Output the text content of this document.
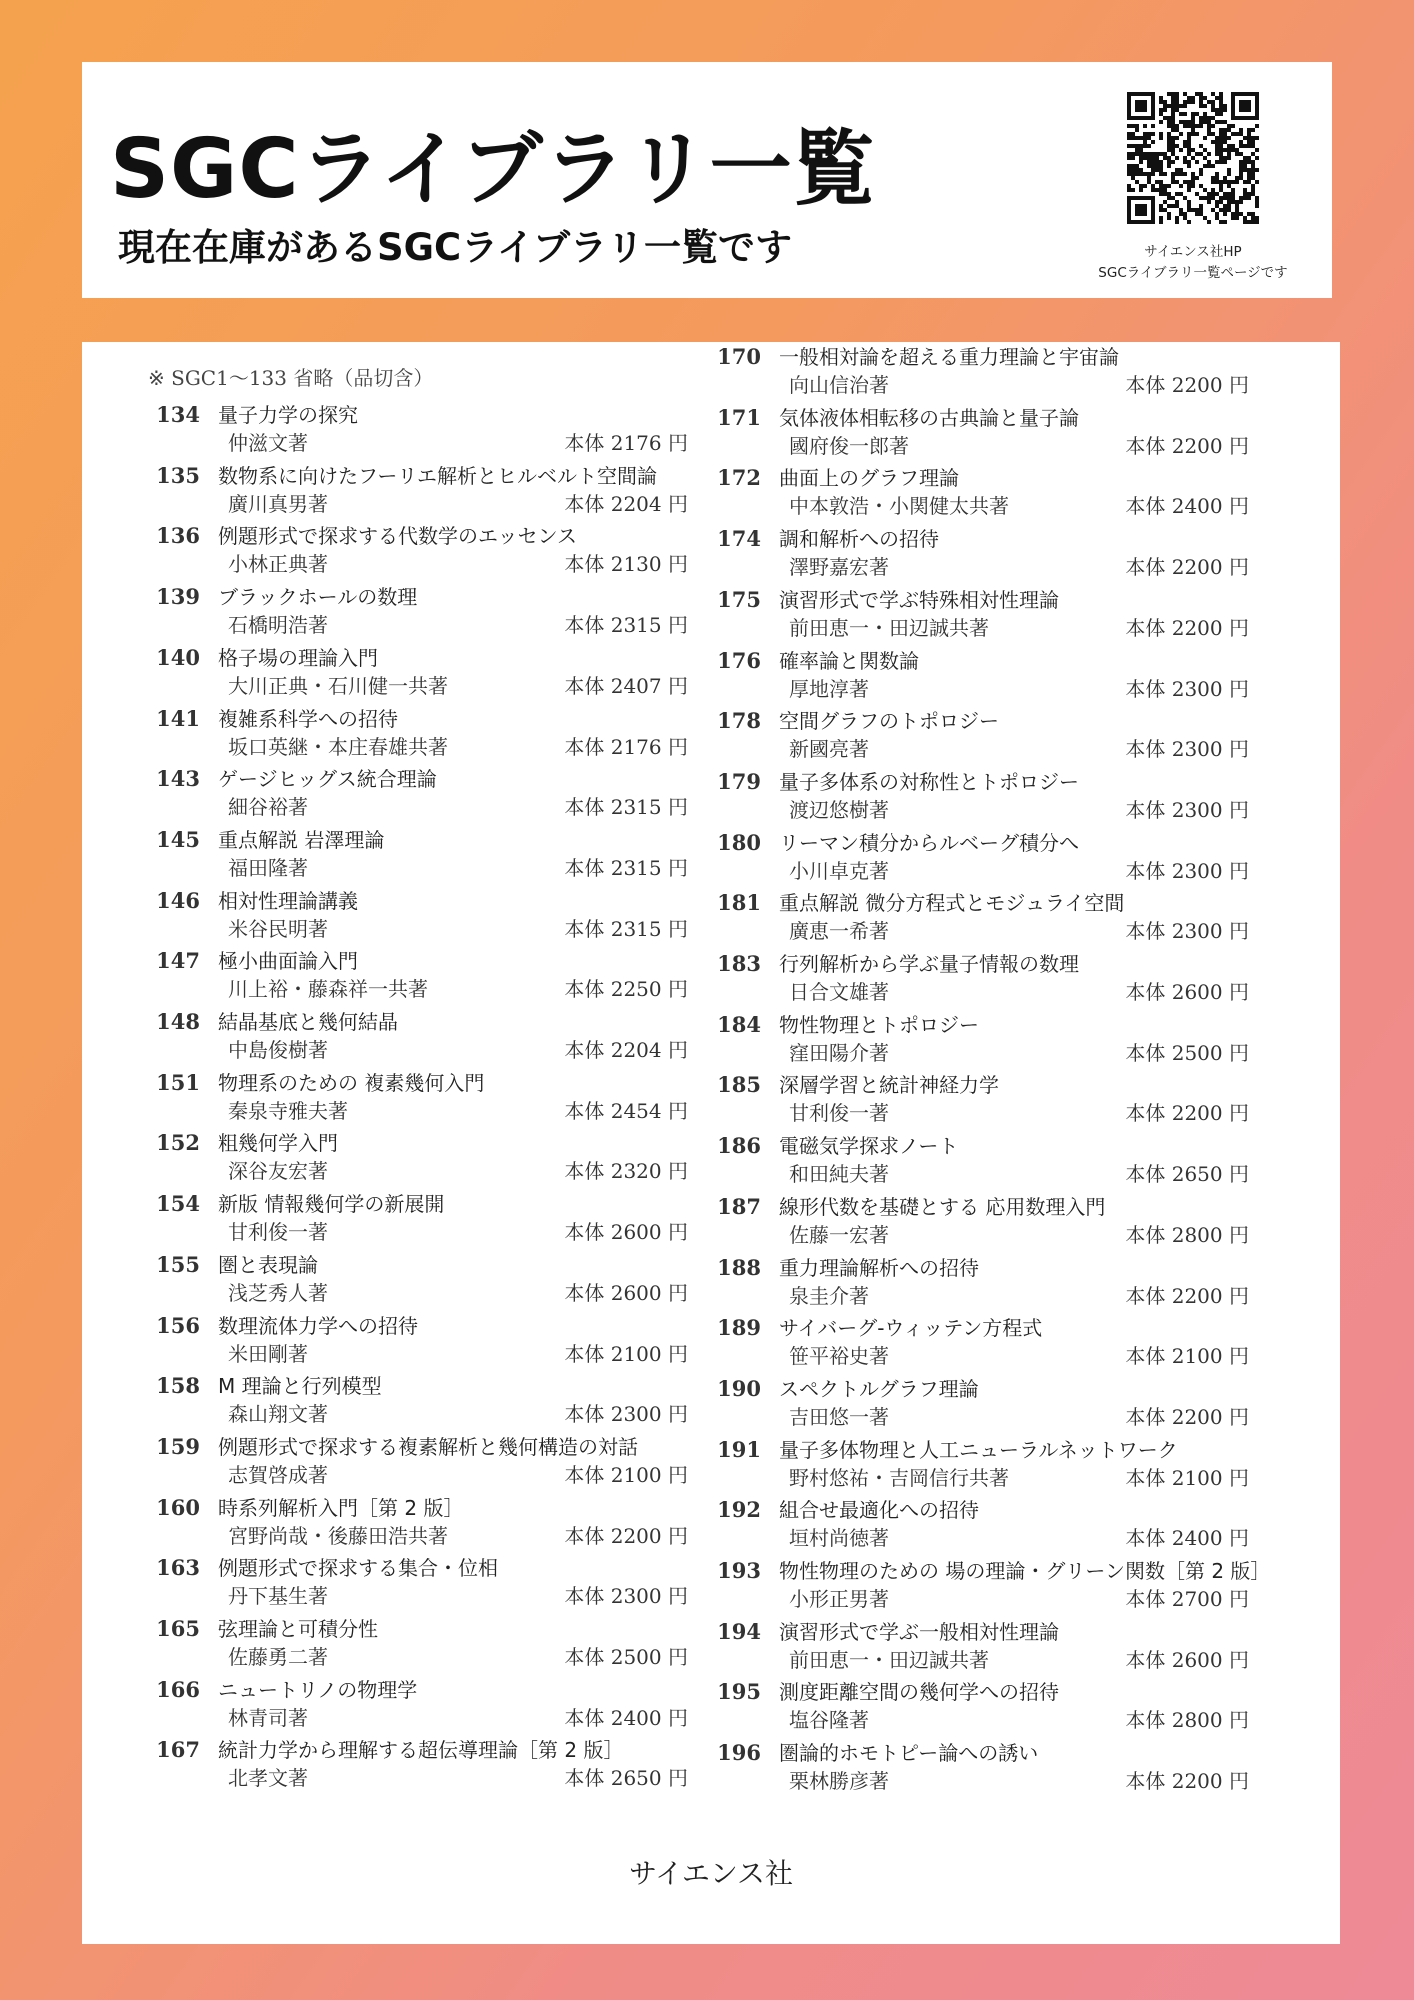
SGCライブラリ一覧

現在在庫があるSGCライブラリ一覧です	サイエンス社HP
SGCライブラリ一覧ページです
※ SGC1～133 省略（品切含）
サイエンス社
134 量子力学の探究
仲滋文著	本体 2176 円
135 数物系に向けたフーリエ解析とヒルベルト空間論
廣川真男著	本体 2204 円
136 例題形式で探求する代数学のエッセンス
小林正典著	本体 2130 円
139 ブラックホールの数理
石橋明浩著	本体 2315 円
140 格子場の理論入門
大川正典・石川健一共著	本体 2407 円
141 複雑系科学への招待
坂口英継・本庄春雄共著	本体 2176 円
143 ゲージヒッグス統合理論
細谷裕著	本体 2315 円
145 重点解説 岩澤理論
福田隆著	本体 2315 円
146 相対性理論講義
米谷民明著	本体 2315 円
147 極小曲面論入門
川上裕・藤森祥一共著	本体 2250 円
148 結晶基底と幾何結晶
中島俊樹著	本体 2204 円
151 物理系のための 複素幾何入門
秦泉寺雅夫著	本体 2454 円
152 粗幾何学入門
深谷友宏著	本体 2320 円
154 新版 情報幾何学の新展開
甘利俊一著	本体 2600 円
155 圏と表現論
浅芝秀人著	本体 2600 円
156 数理流体力学への招待
米田剛著	本体 2100 円
158 M 理論と行列模型
森山翔文著	本体 2300 円
159 例題形式で探求する複素解析と幾何構造の対話
志賀啓成著	本体 2100 円
160 時系列解析入門［第 2 版］
宮野尚哉・後藤田浩共著	本体 2200 円
163 例題形式で探求する集合・位相
丹下基生著	本体 2300 円
165 弦理論と可積分性
佐藤勇二著	本体 2500 円
166 ニュートリノの物理学
林青司著	本体 2400 円
167 統計力学から理解する超伝導理論［第 2 版］
北孝文著	本体 2650 円
170 一般相対論を超える重力理論と宇宙論
向山信治著	本体 2200 円
171 気体液体相転移の古典論と量子論
國府俊一郎著	本体 2200 円
172 曲面上のグラフ理論
中本敦浩・小関健太共著	本体 2400 円
174 調和解析への招待
澤野嘉宏著	本体 2200 円
175 演習形式で学ぶ特殊相対性理論
前田恵一・田辺誠共著	本体 2200 円
176 確率論と関数論
厚地淳著	本体 2300 円
178 空間グラフのトポロジー
新國亮著	本体 2300 円
179 量子多体系の対称性とトポロジー
渡辺悠樹著	本体 2300 円
180 リーマン積分からルベーグ積分へ
小川卓克著	本体 2300 円
181 重点解説 微分方程式とモジュライ空間
廣恵一希著	本体 2300 円
183 行列解析から学ぶ量子情報の数理
日合文雄著	本体 2600 円
184 物性物理とトポロジー
窪田陽介著	本体 2500 円
185 深層学習と統計神経力学
甘利俊一著	本体 2200 円
186 電磁気学探求ノート
和田純夫著	本体 2650 円
187 線形代数を基礎とする 応用数理入門
佐藤一宏著	本体 2800 円
188 重力理論解析への招待
泉圭介著	本体 2200 円
189 サイバーグ-ウィッテン方程式
笹平裕史著	本体 2100 円
190 スペクトルグラフ理論
吉田悠一著	本体 2200 円
191 量子多体物理と人工ニューラルネットワーク
野村悠祐・吉岡信行共著	本体 2100 円
192 組合せ最適化への招待
垣村尚徳著	本体 2400 円
193 物性物理のための 場の理論・グリーン関数［第 2 版］
小形正男著	本体 2700 円
194 演習形式で学ぶ一般相対性理論
前田恵一・田辺誠共著	本体 2600 円
195 測度距離空間の幾何学への招待
塩谷隆著	本体 2800 円
196 圏論的ホモトピー論への誘い
栗林勝彦著	本体 2200 円
